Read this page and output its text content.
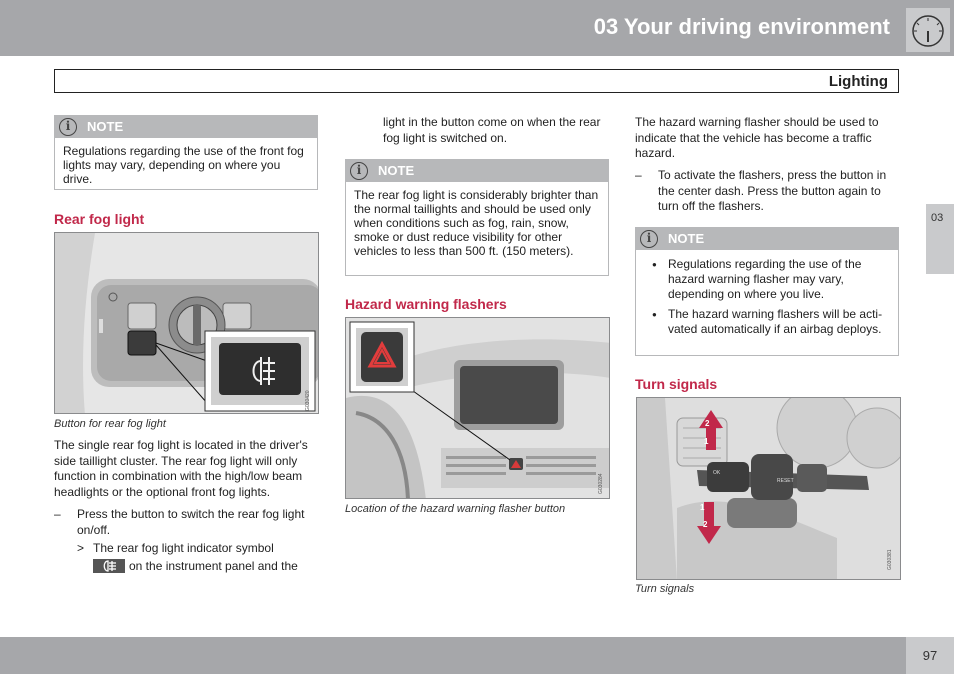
03 Your driving environment
Lighting
03
i	NOTE
Regulations regarding the use of the front fog lights may vary, depending on where you drive.
Rear fog light
G030420
Button for rear fog light
The single rear fog light is located in the driver's side taillight cluster. The rear fog light will only function in combination with the high/low beam headlights or the optional front fog lights.
–	Press the button to switch the rear fog light on/off.
> The rear fog light indicator symbol
on the instrument panel and the
light in the button come on when the rear fog light is switched on.
i	NOTE
The rear fog light is considerably brighter than the normal taillights and should be used only when conditions such as fog, rain, snow, smoke or dust reduce visibility for other vehicles to less than 500 ft. (150 meters).
Hazard warning flashers
G030284
Location of the hazard warning flasher button
The hazard warning flasher should be used to indicate that the vehicle has become a traffic hazard.
–	To activate the flashers, press the button in the center dash. Press the button again to turn off the flashers.
i	NOTE
● Regulations regarding the use of the hazard warning flasher may vary, depending on where you live.
● The hazard warning flashers will be acti-vated automatically if an airbag deploys.
Turn signals
OK
RESET
2
1
1
2
G030381
Turn signals
97
